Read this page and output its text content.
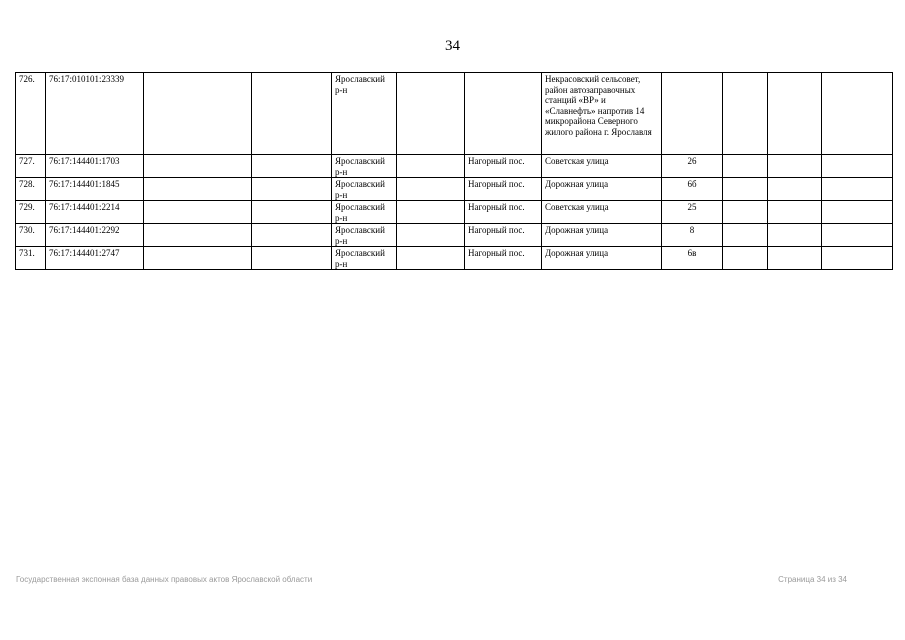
34
726.	76:17:010101:23339			Ярославский р-н			Некрасовский сельсовет, район автозаправочных станций «ВР» и «Славнефть» напротив 14 микрорайона Северного жилого района г. Ярославля				
727.	76:17:144401:1703			Ярославский р-н		Нагорный пос.	Советская улица	26			
728.	76:17:144401:1845			Ярославский р-н		Нагорный пос.	Дорожная улица	6б			
729.	76:17:144401:2214			Ярославский р-н		Нагорный пос.	Советская улица	25			
730.	76:17:144401:2292			Ярославский р-н		Нагорный пос.	Дорожная улица	8			
731.	76:17:144401:2747			Ярославский р-н		Нагорный пос.	Дорожная улица	6в			
Государственная экспонная база данных правовых актов Ярославской области	Страница 34 из 34
